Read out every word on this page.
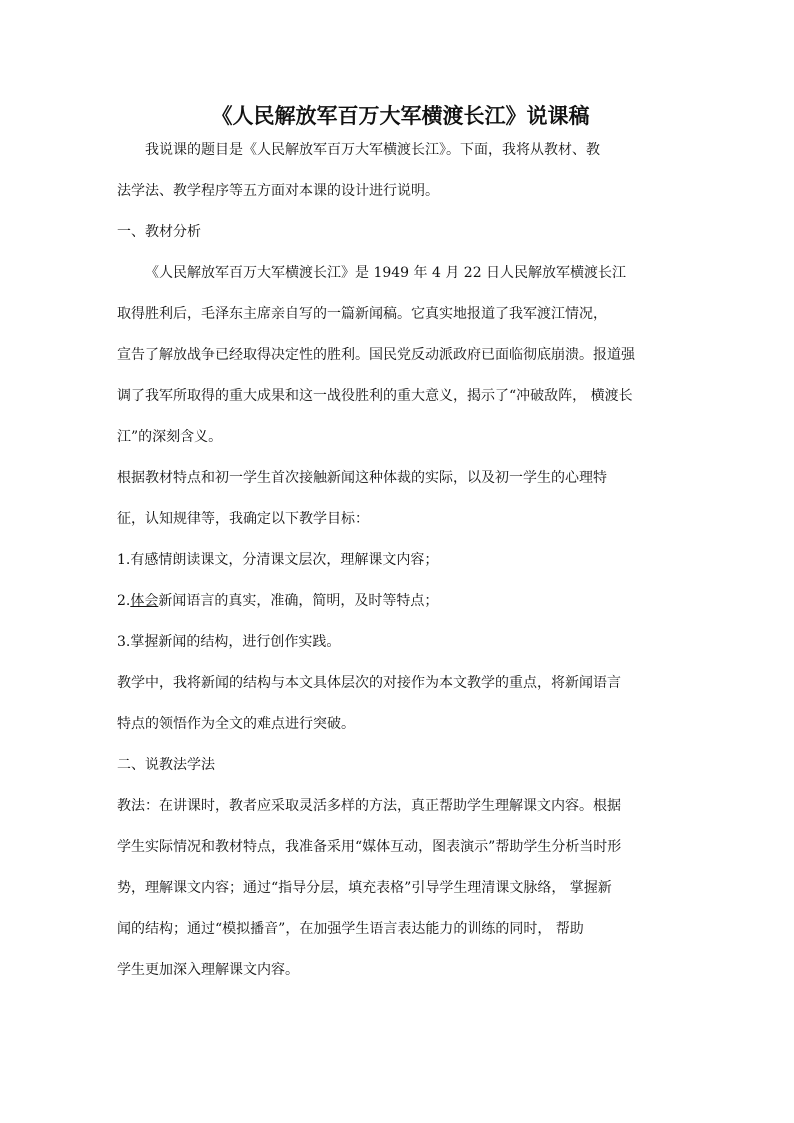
《人民解放军百万大军横渡长江》说课稿
我说课的题目是《人民解放军百万大军横渡长江》。下面，我将从教材、教
法学法、教学程序等五方面对本课的设计进行说明。
一、教材分析
《人民解放军百万大军横渡长江》是 1949 年 4 月 22 日人民解放军横渡长江
取得胜利后，毛泽东主席亲自写的一篇新闻稿。它真实地报道了我军渡江情况，
宣告了解放战争已经取得决定性的胜利。国民党反动派政府已面临彻底崩溃。报道强
调了我军所取得的重大成果和这一战役胜利的重大意义，揭示了“冲破敌阵， 横渡长
江”的深刻含义。
根据教材特点和初一学生首次接触新闻这种体裁的实际，以及初一学生的心理特
征，认知规律等，我确定以下教学目标：
1.有感情朗读课文，分清课文层次，理解课文内容；
2.体会新闻语言的真实，准确，简明，及时等特点；
3.掌握新闻的结构，进行创作实践。
教学中，我将新闻的结构与本文具体层次的对接作为本文教学的重点，将新闻语言
特点的领悟作为全文的难点进行突破。
二、说教法学法
教法：在讲课时，教者应采取灵活多样的方法，真正帮助学生理解课文内容。根据
学生实际情况和教材特点，我准备采用“媒体互动，图表演示”帮助学生分析当时形
势，理解课文内容；通过“指导分层，填充表格”引导学生理清课文脉络， 掌握新
闻的结构；通过“模拟播音”，在加强学生语言表达能力的训练的同时， 帮助
学生更加深入理解课文内容。
